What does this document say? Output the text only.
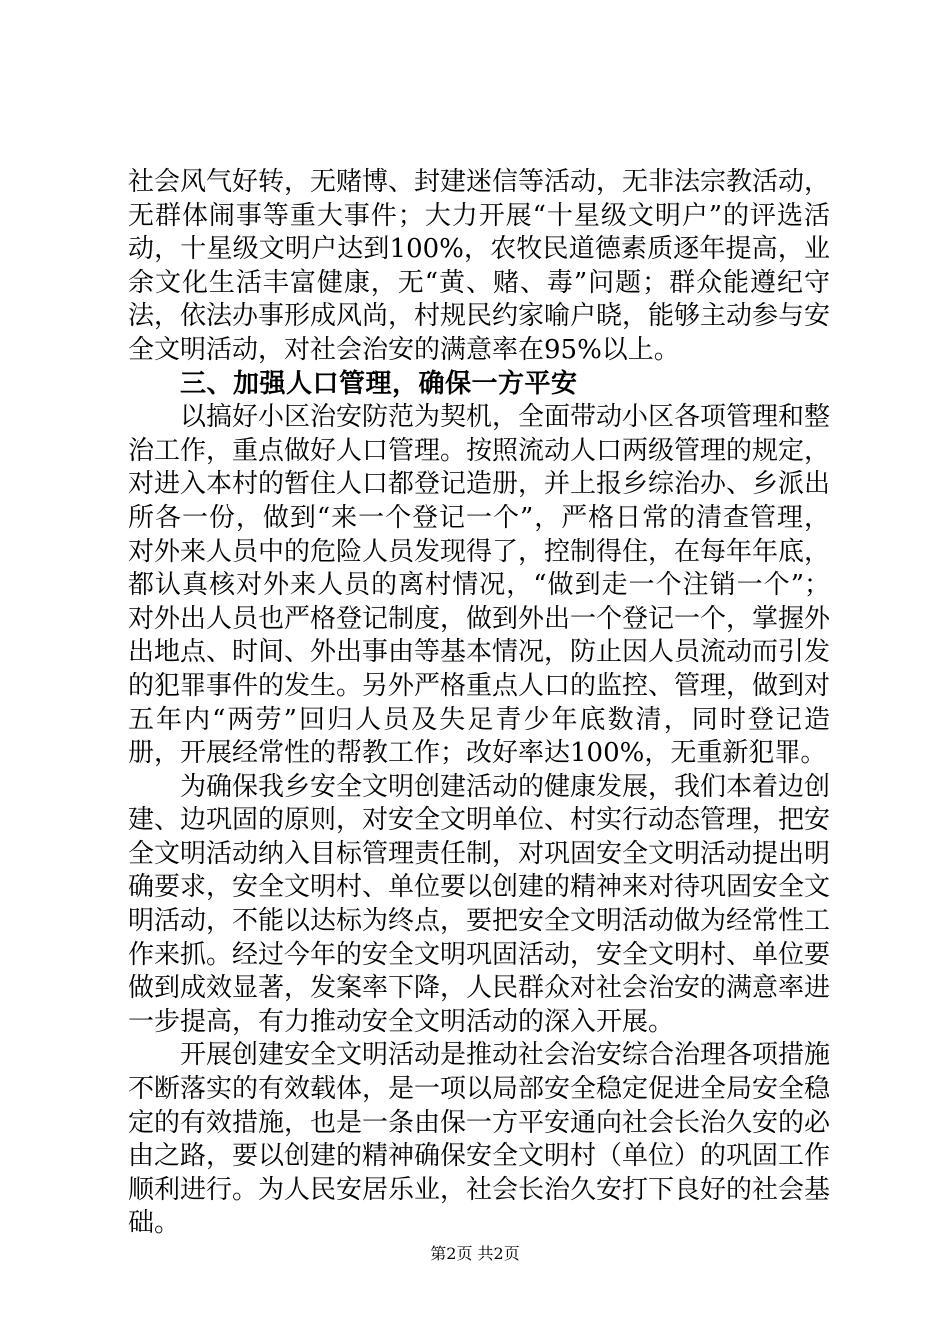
社会风气好转，无赌博、封建迷信等活动，无非法宗教活动，无群体闹事等重大事件；大力开展“十星级文明户”的评选活动，十星级文明户达到100%，农牧民道德素质逐年提高，业余文化生活丰富健康，无“黄、赌、毒”问题；群众能遵纪守法，依法办事形成风尚，村规民约家喻户晓，能够主动参与安全文明活动，对社会治安的满意率在95%以上。

三、加强人口管理，确保一方平安

以搞好小区治安防范为契机，全面带动小区各项管理和整治工作，重点做好人口管理。按照流动人口两级管理的规定，对进入本村的暂住人口都登记造册，并上报乡综治办、乡派出所各一份，做到“来一个登记一个”，严格日常的清查管理，对外来人员中的危险人员发现得了，控制得住，在每年年底，都认真核对外来人员的离村情况，“做到走一个注销一个”；对外出人员也严格登记制度，做到外出一个登记一个，掌握外出地点、时间、外出事由等基本情况，防止因人员流动而引发的犯罪事件的发生。另外严格重点人口的监控、管理，做到对五年内“两劳”回归人员及失足青少年底数清，同时登记造册，开展经常性的帮教工作；改好率达100%，无重新犯罪。

为确保我乡安全文明创建活动的健康发展，我们本着边创建、边巩固的原则，对安全文明单位、村实行动态管理，把安全文明活动纳入目标管理责任制，对巩固安全文明活动提出明确要求，安全文明村、单位要以创建的精神来对待巩固安全文明活动，不能以达标为终点，要把安全文明活动做为经常性工作来抓。经过今年的安全文明巩固活动，安全文明村、单位要做到成效显著，发案率下降，人民群众对社会治安的满意率进一步提高，有力推动安全文明活动的深入开展。

开展创建安全文明活动是推动社会治安综合治理各项措施不断落实的有效载体，是一项以局部安全稳定促进全局安全稳定的有效措施，也是一条由保一方平安通向社会长治久安的必由之路，要以创建的精神确保安全文明村（单位）的巩固工作顺利进行。为人民安居乐业，社会长治久安打下良好的社会基础。

第2页 共2页
